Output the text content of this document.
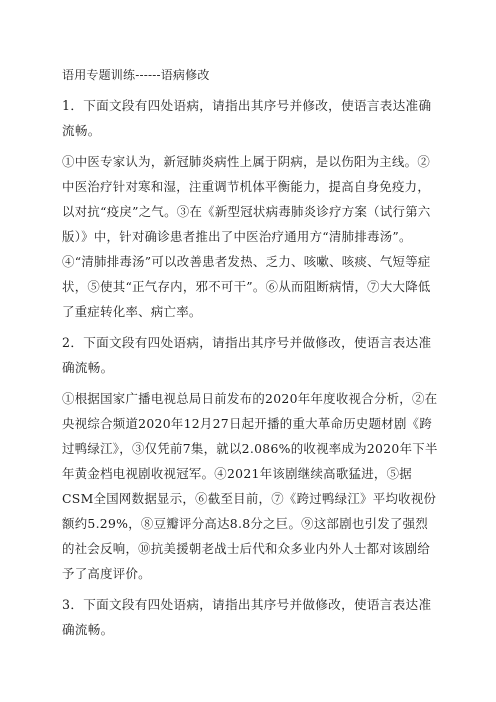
语用专题训练------语病修改
1．下面文段有四处语病，请指出其序号并修改，使语言表达准确流畅。
①中医专家认为，新冠肺炎病性上属于阴病，是以伤阳为主线。②中医治疗针对寒和湿，注重调节机体平衡能力，提高自身免疫力，以对抗“疫戾”之气。③在《新型冠状病毒肺炎诊疗方案（试行第六版）》中，针对确诊患者推出了中医治疗通用方“清肺排毒汤”。④“清肺排毒汤”可以改善患者发热、乏力、咳嗽、咳痰、气短等症状，⑤使其“正气存内，邪不可干”。⑥从而阻断病情，⑦大大降低了重症转化率、病亡率。
2．下面文段有四处语病，请指出其序号并做修改，使语言表达准确流畅。
①根据国家广播电视总局日前发布的2020年年度收视合分析，②在央视综合频道2020年12月27日起开播的重大革命历史题材剧《跨过鸭绿江》，③仅凭前7集，就以2.086%的收视率成为2020年下半年黄金档电视剧收视冠军。④2021年该剧继续高歌猛进，⑤据CSM全国网数据显示，⑥截至目前，⑦《跨过鸭绿江》平均收视份额约5.29%，⑧豆瓣评分高达8.8分之巨。⑨这部剧也引发了强烈的社会反响，⑩抗美援朝老战士后代和众多业内外人士都对该剧给予了高度评价。
3．下面文段有四处语病，请指出其序号并做修改，使语言表达准确流畅。
